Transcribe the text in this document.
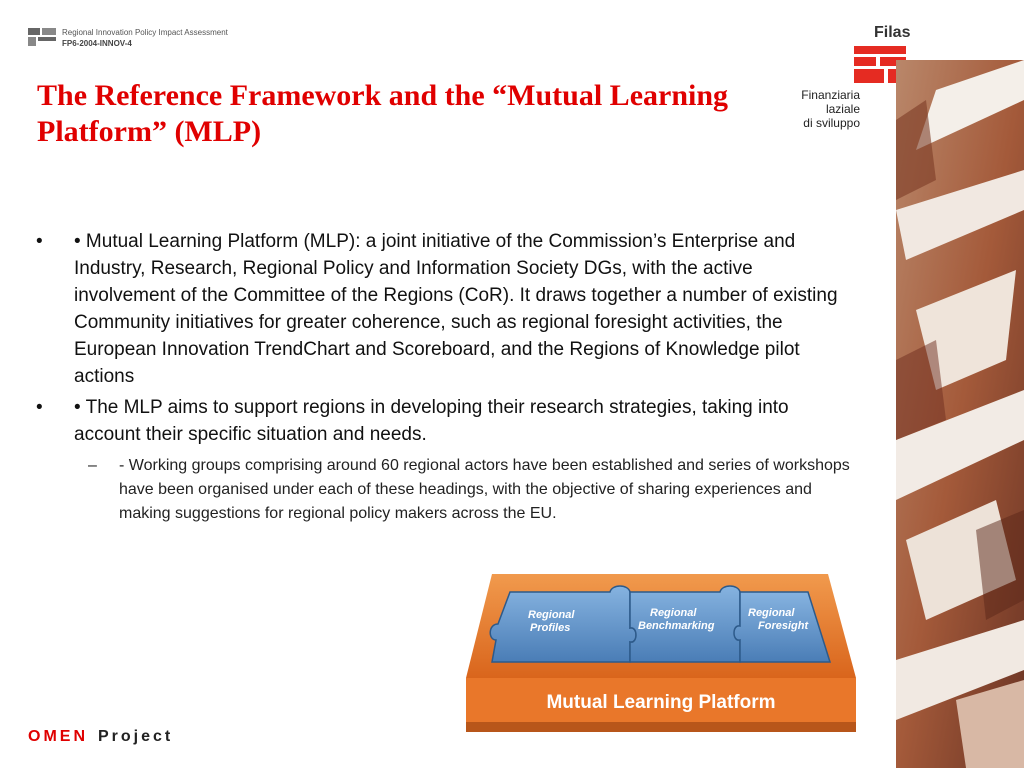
Regional Innovation Policy Impact Assessment
FP6-2004-INNOV-4
The Reference Framework and the “Mutual Learning Platform” (MLP)
Filas
Finanziaria laziale
di sviluppo
• • Mutual Learning Platform (MLP): a joint initiative of the Commission’s Enterprise and Industry, Research, Regional Policy and Information Society DGs, with the active involvement of the Committee of the Regions (CoR). It draws together a number of existing Community initiatives for greater coherence, such as regional foresight activities, the European Innovation TrendChart and Scoreboard, and the Regions of Knowledge pilot actions
• • The MLP aims to support regions in developing their research strategies, taking into account their specific situation and needs.
– - Working groups comprising around 60 regional actors have been established and series of workshops have been organised under each of these headings, with the objective of sharing experiences and making suggestions for regional policy makers across the EU.
Regional
Profiles
Regional
Benchmarking
Regional
Foresight
Mutual Learning Platform
OMEN Project
